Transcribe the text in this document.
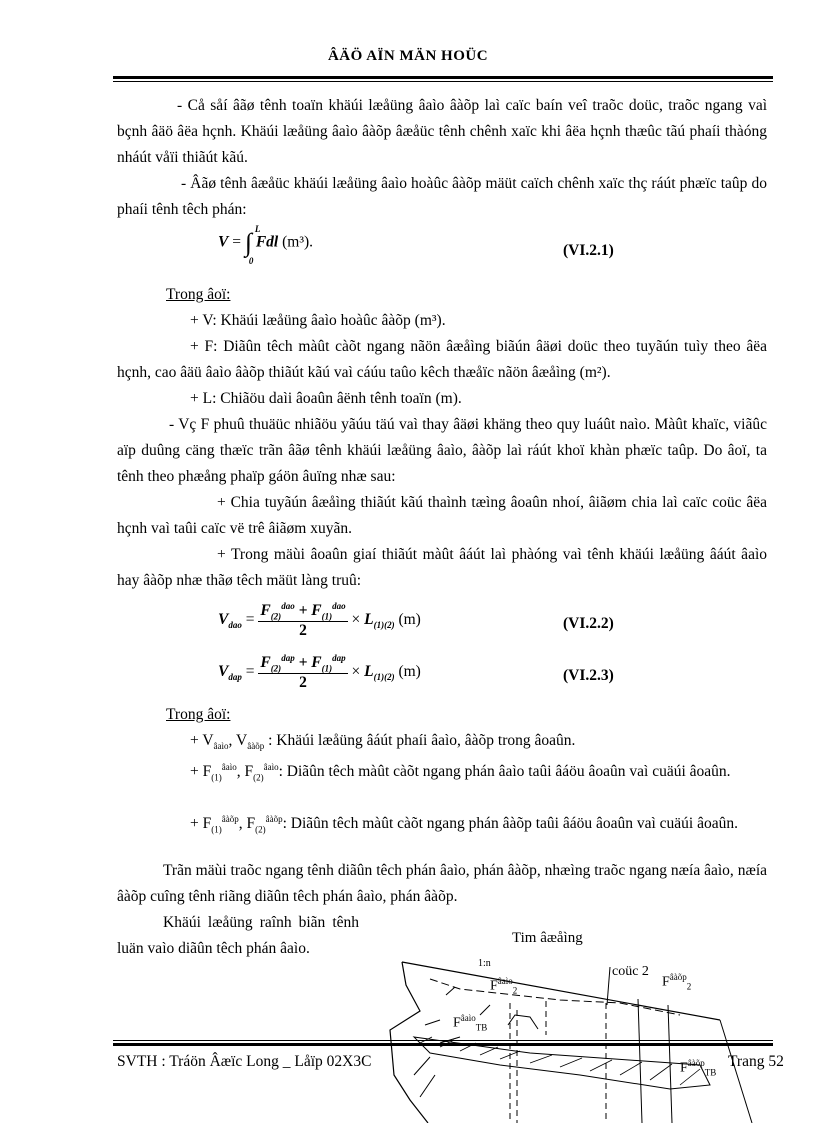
ÂÄÖ AÏN MÄN HOÜC

- Cå såí âãø tênh toaïn khäúi læåüng âaìo âàõp laì caïc baín veî traõc doüc, traõc ngang vaì bçnh âäö âëa hçnh. Khäúi læåüng âaìo âàõp âæåüc tênh chênh xaïc khi âëa hçnh thæûc tãú phaíi thàóng nháút våïi thiãút kãú.

- Âãø tênh âæåüc khäúi læåüng âaìo hoàûc âàõp mäüt caïch chênh xaïc thç ráút phæïc taûp do phaíi tênh têch phán:

V = ∫ L
0
Fdl (m³).	(VI.2.1)
Trong âoï:
+ V: Khäúi læåüng âaìo hoàûc âàõp (m³).

+ F: Diãûn têch màût càõt ngang nãön âæåìng biãún âäøi doüc theo tuyãún tuìy theo âëa hçnh, cao âäü âaìo âàõp thiãút kãú vaì cáúu taûo kêch thæåïc nãön âæåìng (m²).

+ L: Chiãöu daìi âoaûn âënh tênh toaïn (m).

- Vç F phuû thuäüc nhiãöu yãúu täú vaì thay âäøi khäng theo quy luáût naìo. Màût khaïc, viãûc aïp duûng cäng thæïc trãn âãø tênh khäúi læåüng âaìo, âàõp laì ráút khoï khàn phæïc taûp. Do âoï, ta tênh theo phæång phaïp gáön âuïng nhæ sau:

+ Chia tuyãún âæåìng thiãút kãú thaình tæìng âoaûn nhoí, âiãøm chia laì caïc coüc âëa hçnh vaì taûi caïc vë trê âiãøm xuyãn.

+ Trong mäùi âoaûn giaí thiãút màût âáút laì phàóng vaì tênh khäúi læåüng âáút âaìo hay âàõp nhæ thãø têch mäüt làng truû:

$V_{dao} = \frac{F_{(2)}^{dao} + F_{(1)}^{dao}}{2} \times L_{(1)(2)}$ (m)	(VI.2.2)
$V_{dap} = \frac{F_{(2)}^{dap} + F_{(1)}^{dap}}{2} \times L_{(1)(2)}$ (m)	(VI.2.3)
Trong âoï:
+ $V_{âaìo}$, $V_{âàõp}$ : Khäúi læåüng âáút phaíi âaìo, âàõp trong âoaûn.

+ $F_{(1)}^{âaìo}$, $F_{(2)}^{âaìo}$: Diãûn têch màût càõt ngang phán âaìo taûi âáöu âoaûn vaì cuäúi âoaûn.

+ $F_{(1)}^{âàõp}$, $F_{(2)}^{âàõp}$: Diãûn têch màût càõt ngang phán âàõp taûi âáöu âoaûn vaì cuäúi âoaûn.

Trãn mäùi traõc ngang tênh diãûn têch phán âaìo, phán âàõp, nhæìng traõc ngang næía âaìo, næía âàõp cuîng tênh riãng diãûn têch phán âaìo, phán âàõp.

Khäúi læåüng raînh biãn tênh luän vaìo diãûn têch phán âaìo.

Tim âæåìng
1:n
coüc 2
$F^{âaìo}_2$
$F^{âàõp}_2$
$F^{âaìo}_{TB}$
$F^{âàõp}_{TB}$
SVTH : Tráön Âæïc Long _ Låïp 02X3C	Trang 52
